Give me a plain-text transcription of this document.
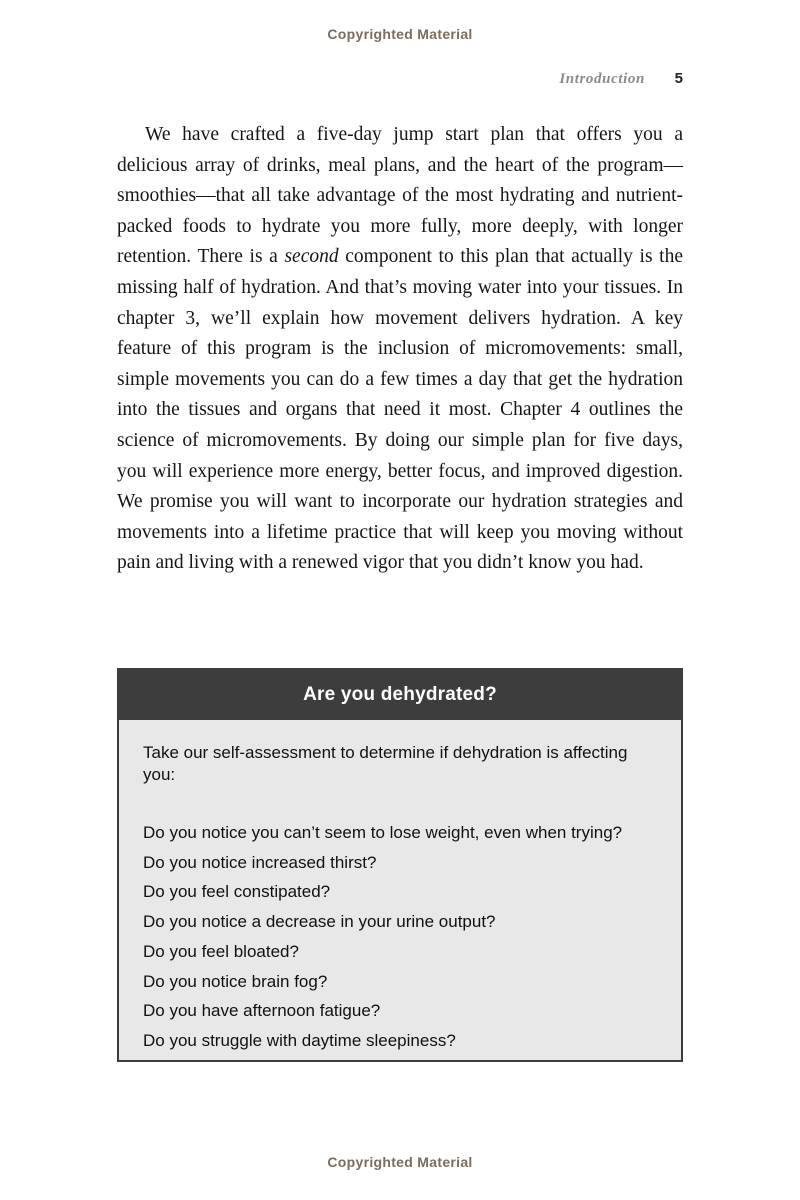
Copyrighted Material
Introduction 5

We have crafted a five-day jump start plan that offers you a delicious array of drinks, meal plans, and the heart of the program—smoothies—that all take advantage of the most hydrating and nutrient-packed foods to hydrate you more fully, more deeply, with longer retention. There is a second component to this plan that actually is the missing half of hydration. And that’s moving water into your tissues. In chapter 3, we’ll explain how movement delivers hydration. A key feature of this program is the inclusion of micromovements: small, simple movements you can do a few times a day that get the hydration into the tissues and organs that need it most. Chapter 4 outlines the science of micromovements. By doing our simple plan for five days, you will experience more energy, better focus, and improved digestion. We promise you will want to incorporate our hydration strategies and movements into a lifetime practice that will keep you moving without pain and living with a renewed vigor that you didn’t know you had.

Are you dehydrated?
Take our self-assessment to determine if dehydration is affecting you:
Do you notice you can’t seem to lose weight, even when trying?
Do you notice increased thirst?
Do you feel constipated?
Do you notice a decrease in your urine output?
Do you feel bloated?
Do you notice brain fog?
Do you have afternoon fatigue?
Do you struggle with daytime sleepiness?
Copyrighted Material
